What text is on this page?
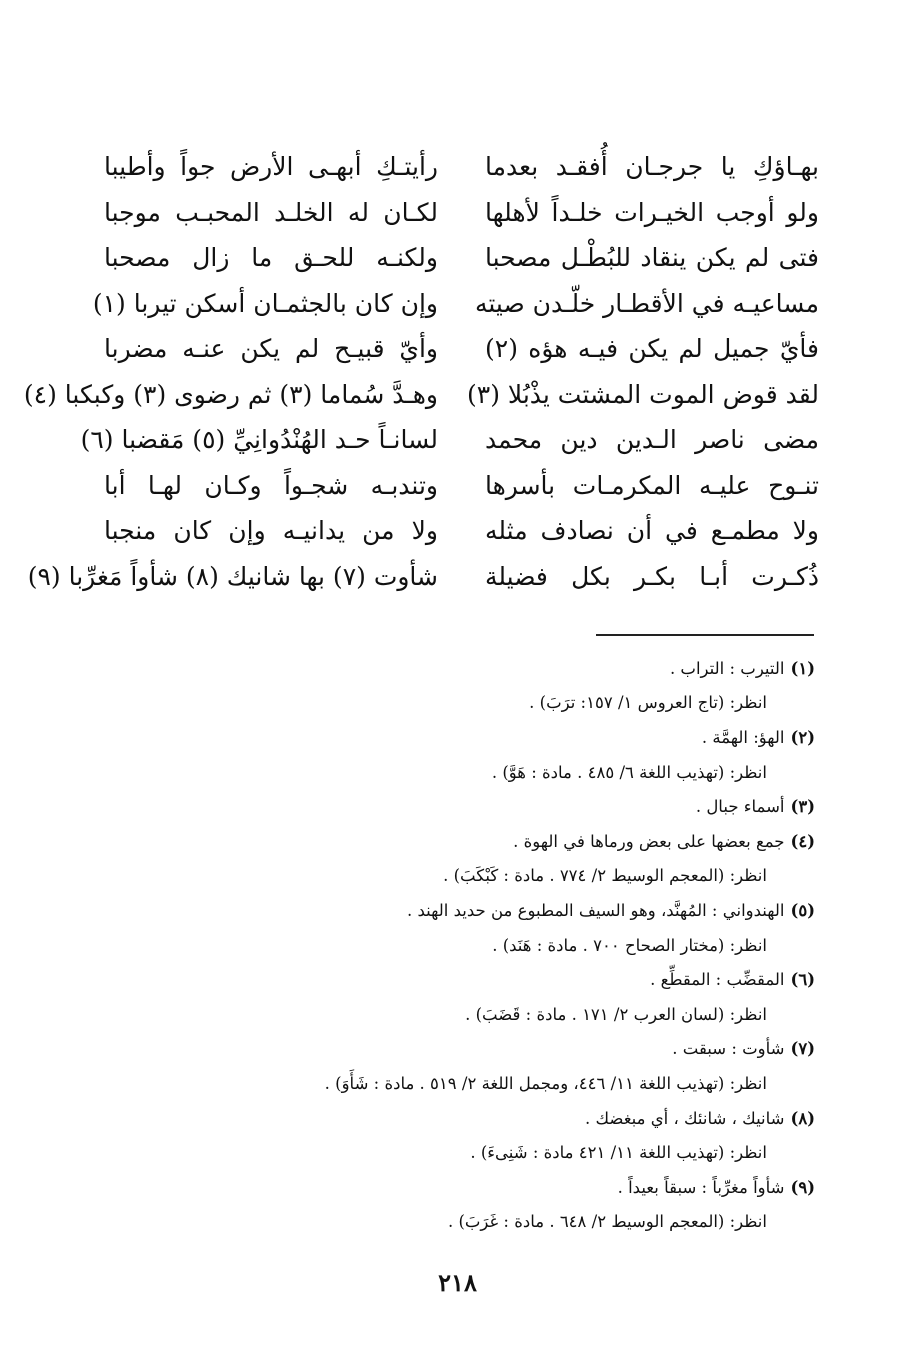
بهـاؤكِ يا جرجـان أُفقـد بعدما
رأيتـكِ أبهـى الأرض جواً وأطيبا
ولو أوجب الخيـرات خلـداً لأهلها
لكـان له الخلـد المحبـب موجبا
فتى لم يكن ينقاد للبُطْـل مصحبا
ولكنـه للحـق ما زال مصحبا
مساعيـه في الأقطـار خلّـدن صيته
وإن كان بالجثمـان أسكن تيربا (١)
فأيّ جميل لم يكن فيـه هؤه (٢)
وأيّ قبيـح لم يكن عنـه مضربا
لقد قوض الموت المشتت يذْبُلا (٣)
وهـدَّ سُماما (٣) ثم رضوى (٣) وكبكبا (٤)
مضى ناصر الـدين دين محمد
لسانـاً حـد الهُنْدُوانِيِّ (٥) مَقضبا (٦)
تنـوح عليـه المكرمـات بأسرها
وتندبـه شجـواً وكـان لهـا أبا
ولا مطمـع في أن نصادف مثله
ولا من يدانيـه وإن كان منجبا
ذُكـرت أبـا بكـر بكل فضيلة
شأوت (٧) بها شانيك (٨) شأواً مَغرِّبا (٩)
(١)
التيرب : التراب .
انظر: (تاج العروس ١/ ١٥٧: ترَبَ) .
(٢)
الهؤ: الهمَّة .
انظر: (تهذيب اللغة ٦/ ٤٨٥ . مادة : هَوَّ) .
(٣)
أسماء جبال .
(٤)
جمع بعضها على بعض ورماها في الهوة .
انظر: (المعجم الوسيط ٢/ ٧٧٤ . مادة : كَبْكَبَ) .
(٥)
الهندواني : المُهنَّد، وهو السيف المطبوع من حديد الهند .
انظر: (مختار الصحاح ٧٠٠ . مادة : هَنَد) .
(٦)
المقضِّب : المقطِّع .
انظر: (لسان العرب ٢/ ١٧١ . مادة : قَضَبَ) .
(٧)
شأوت : سبقت .
انظر: (تهذيب اللغة ١١/ ٤٤٦، ومجمل اللغة ٢/ ٥١٩ . مادة : شَأَوَ) .
(٨)
شانيك ، شانئك ، أي مبغضك .
انظر: (تهذيب اللغة ١١/ ٤٢١ مادة : شَنِىءَ) .
(٩)
شأواً مغرِّباً : سبقاً بعيداً .
انظر: (المعجم الوسيط ٢/ ٦٤٨ . مادة : غَرَبَ) .
٢١٨
